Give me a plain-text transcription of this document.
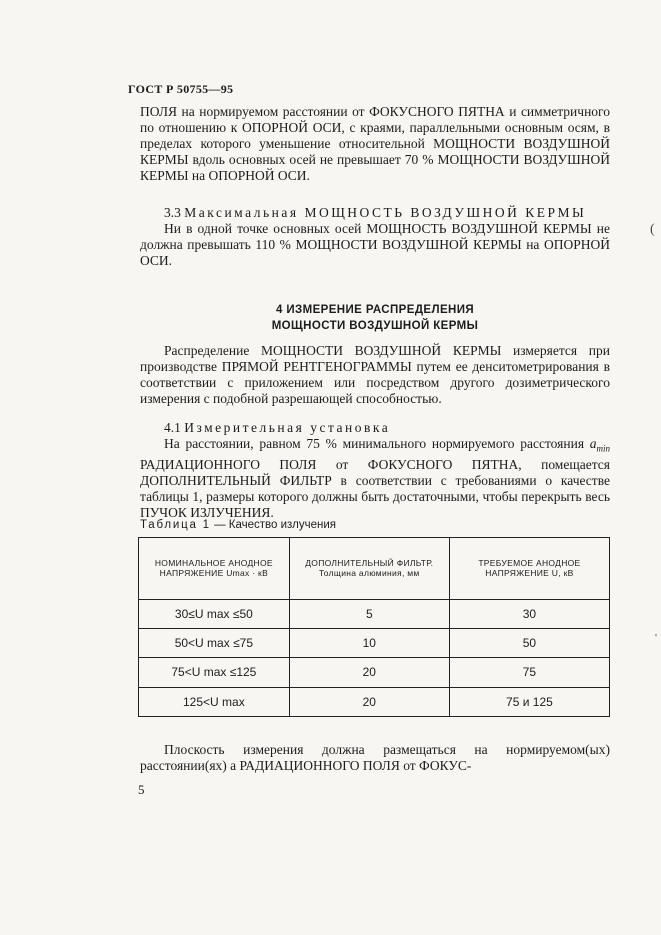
ГОСТ Р 50755—95

ПОЛЯ на нормируемом расстоянии от ФОКУСНОГО ПЯТНА и симметричного по отношению к ОПОРНОЙ ОСИ, с краями, параллельными основным осям, в пределах которого уменьшение относительной МОЩНОСТИ ВОЗДУШНОЙ КЕРМЫ вдоль основных осей не превышает 70 % МОЩНОСТИ ВОЗДУШНОЙ КЕРМЫ на ОПОРНОЙ ОСИ.

3.3 Максимальная МОЩНОСТЬ ВОЗДУШНОЙ КЕРМЫ

Ни в одной точке основных осей МОЩНОСТЬ ВОЗДУШНОЙ КЕРМЫ не должна превышать 110 % МОЩНОСТИ ВОЗДУШНОЙ КЕРМЫ на ОПОРНОЙ ОСИ.

4 ИЗМЕРЕНИЕ РАСПРЕДЕЛЕНИЯ
МОЩНОСТИ ВОЗДУШНОЙ КЕРМЫ

Распределение МОЩНОСТИ ВОЗДУШНОЙ КЕРМЫ измеряется при производстве ПРЯМОЙ РЕНТГЕНОГРАММЫ путем ее денситометрирования в соответствии с приложением или посредством другого дозиметрического измерения с подобной разрешающей способностью.

4.1 Измерительная установка

На расстоянии, равном 75 % минимального нормируемого расстояния $a_{min}$ РАДИАЦИОННОГО ПОЛЯ от ФОКУСНОГО ПЯТНА, помещается ДОПОЛНИТЕЛЬНЫЙ ФИЛЬТР в соответствии с требованиями о качестве таблицы 1, размеры которого должны быть достаточными, чтобы перекрыть весь ПУЧОК ИЗЛУЧЕНИЯ.

Таблица 1 — Качество излучения
НОМИНАЛЬНОЕ АНОДНОЕ НАПРЯЖЕНИЕ Umax · кВ	ДОПОЛНИТЕЛЬНЫЙ ФИЛЬТР. Толщина алюминия, мм	ТРЕБУЕМОЕ АНОДНОЕ НАПРЯЖЕНИЕ U, кВ
30≤U max ≤50	5	30
50<U max ≤75	10	50
75<U max ≤125	20	75
125<U max	20	75 и 125

Плоскость измерения должна размещаться на нормируемом(ых) расстоянии(ях) a РАДИАЦИОННОГО ПОЛЯ от ФОКУС-

5
(
'
